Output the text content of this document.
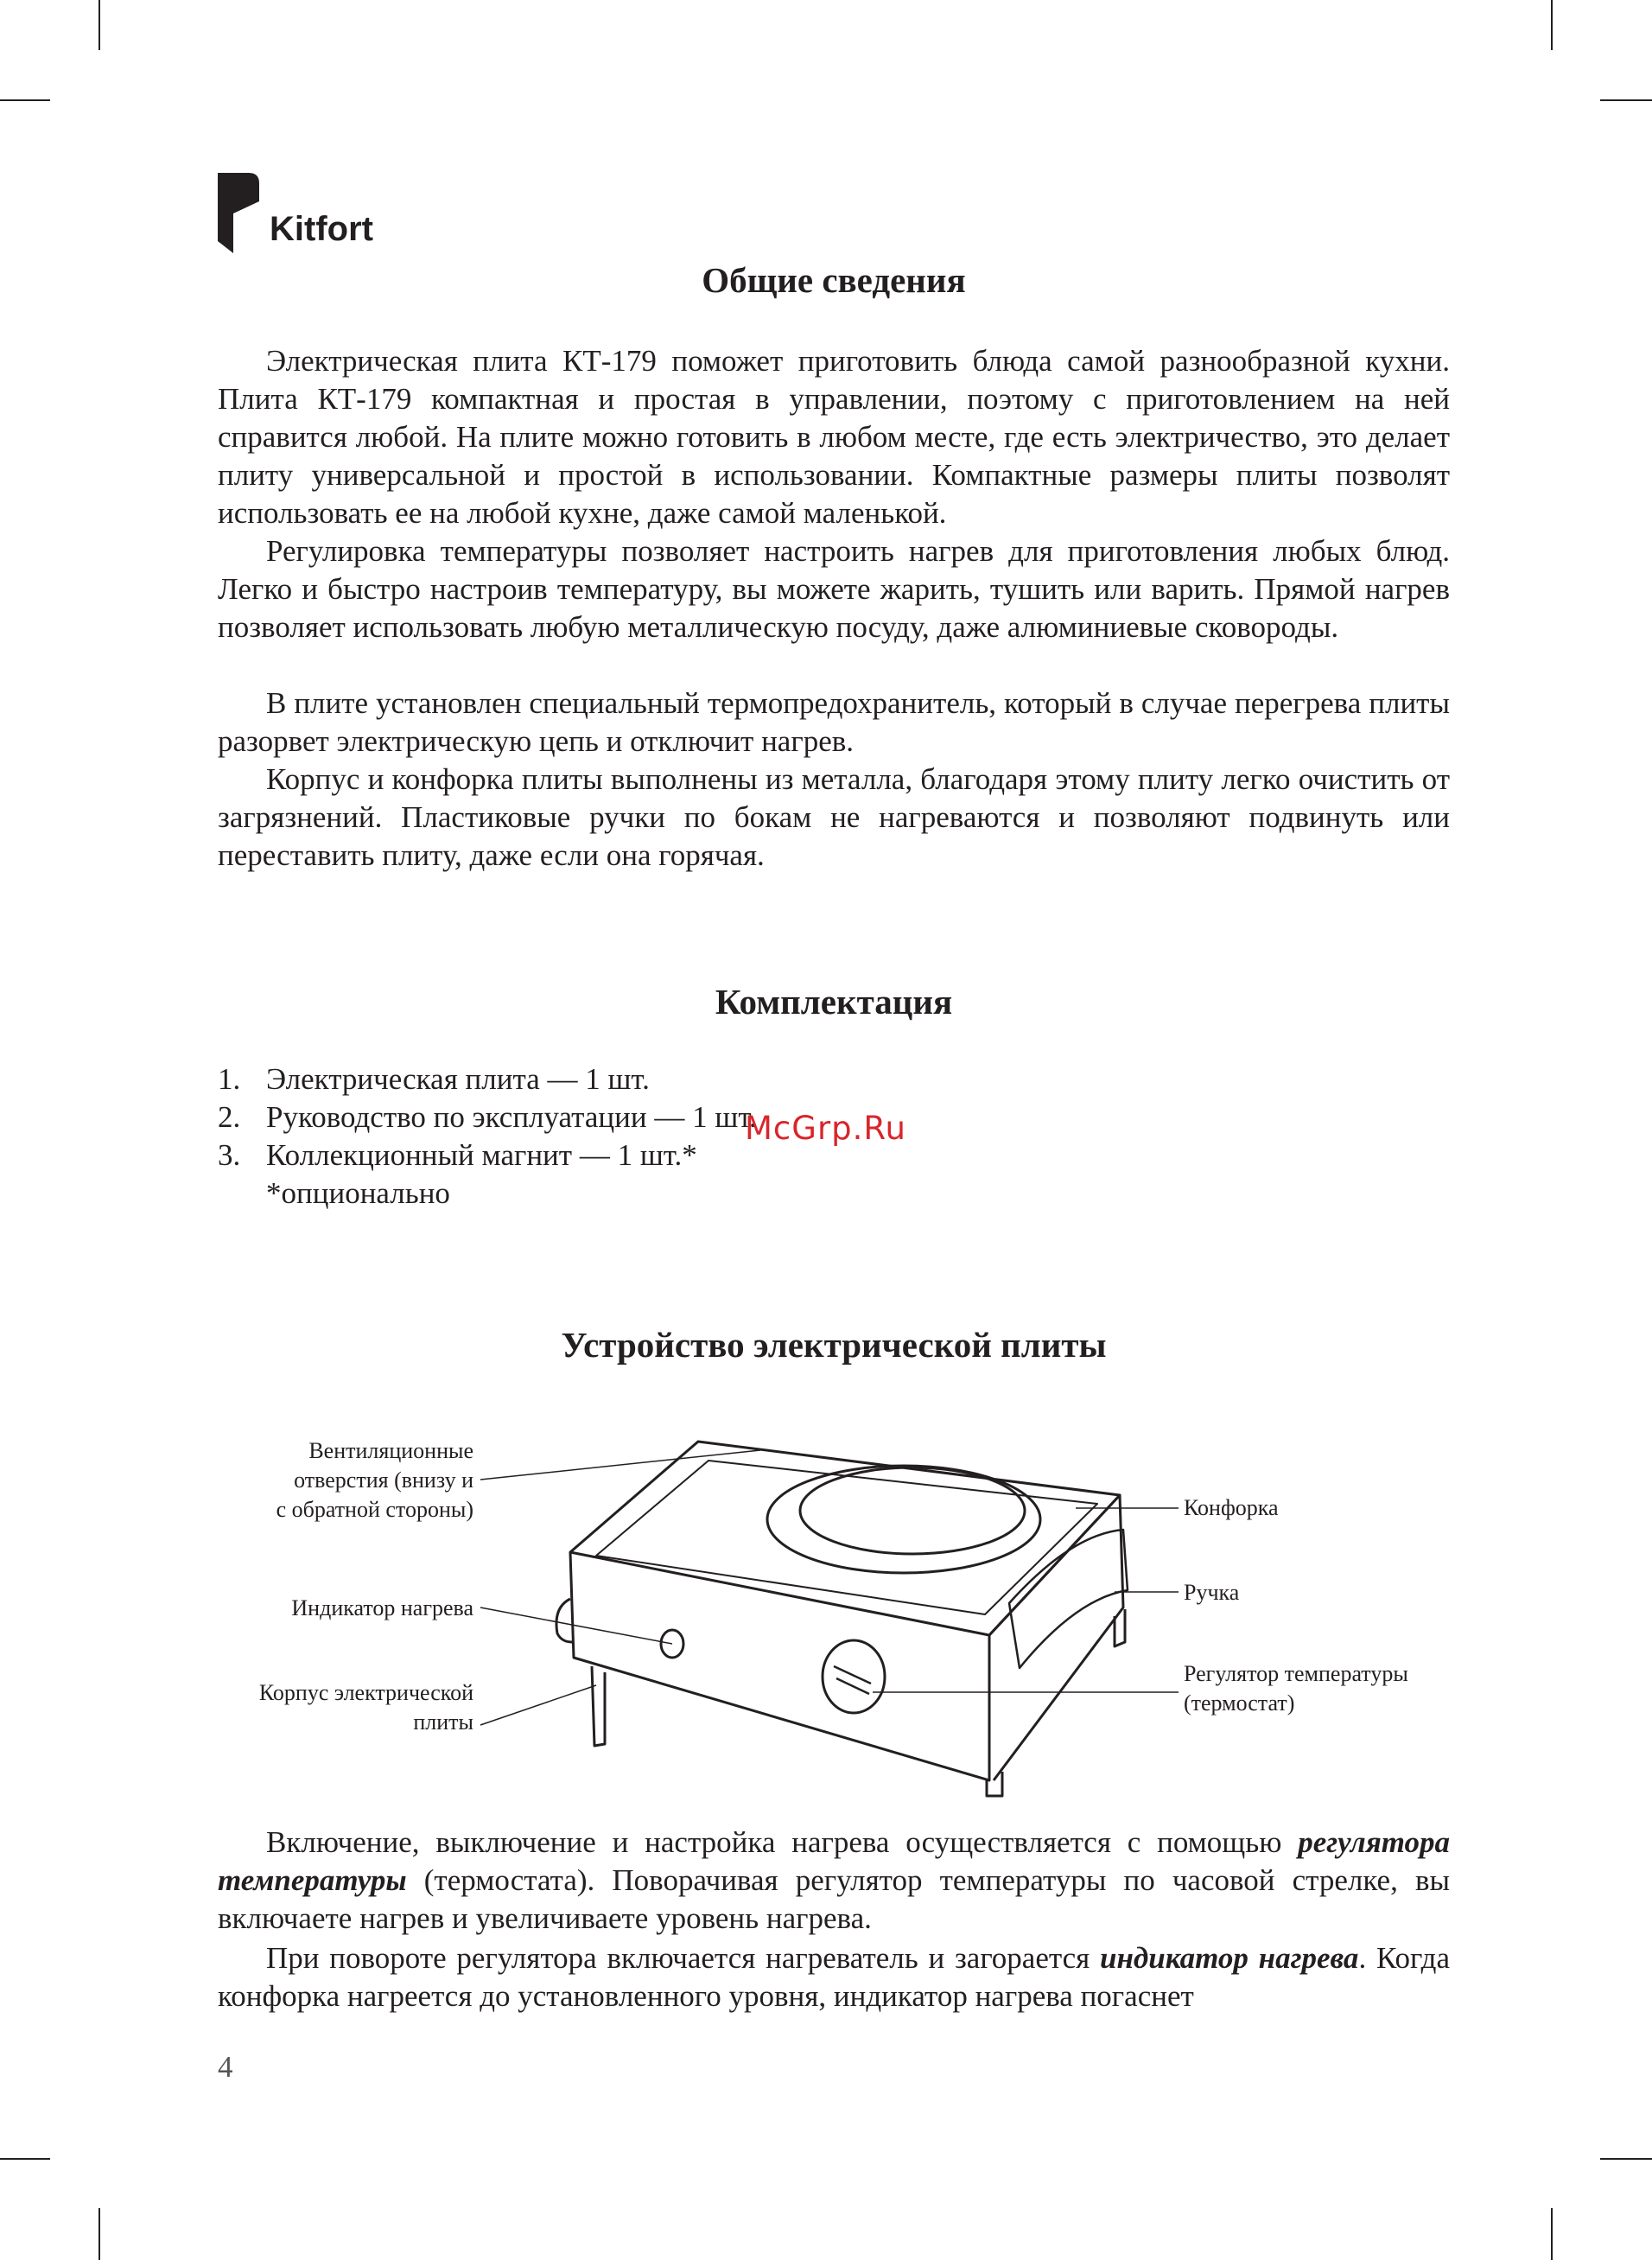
Kitfort
Общие сведения

Электрическая плита КТ-179 поможет приготовить блюда самой разнообразной кухни. Плита КТ-179 компактная и простая в управлении, поэтому с приготовлением на ней справится любой. На плите можно готовить в любом месте, где есть электричество, это делает плиту универсальной и простой в использовании. Компактные размеры плиты позволят использовать ее на любой кухне, даже самой маленькой.

Регулировка температуры позволяет настроить нагрев для приготовления любых блюд. Легко и быстро настроив температуру, вы можете жарить, тушить или варить. Прямой нагрев позволяет использовать любую металлическую посуду, даже алюминиевые сковороды.

В плите установлен специальный термопредохранитель, который в случае перегрева плиты разорвет электрическую цепь и отключит нагрев.

Корпус и конфорка плиты выполнены из металла, благодаря этому плиту легко очистить от загрязнений. Пластиковые ручки по бокам не нагреваются и позволяют подвинуть или переставить плиту, даже если она горячая.

Комплектация
1. Электрическая плита — 1 шт.
2. Руководство по эксплуатации — 1 шт.
3. Коллекционный магнит — 1 шт.*
*опционально
McGrp.Ru
Устройство электрической плиты
Вентиляционные
отверстия (внизу и
с обратной стороны)
Индикатор нагрева
Корпус электрической
плиты
Конфорка
Ручка
Регулятор температуры
(термостат)

Включение, выключение и настройка нагрева осуществляется с помощью регулятора температуры (термостата). Поворачивая регулятор температуры по часовой стрелке, вы включаете нагрев и увеличиваете уровень нагрева.

При повороте регулятора включается нагреватель и загорается индикатор нагрева. Когда конфорка нагреется до установленного уровня, индикатор нагрева погаснет

4
